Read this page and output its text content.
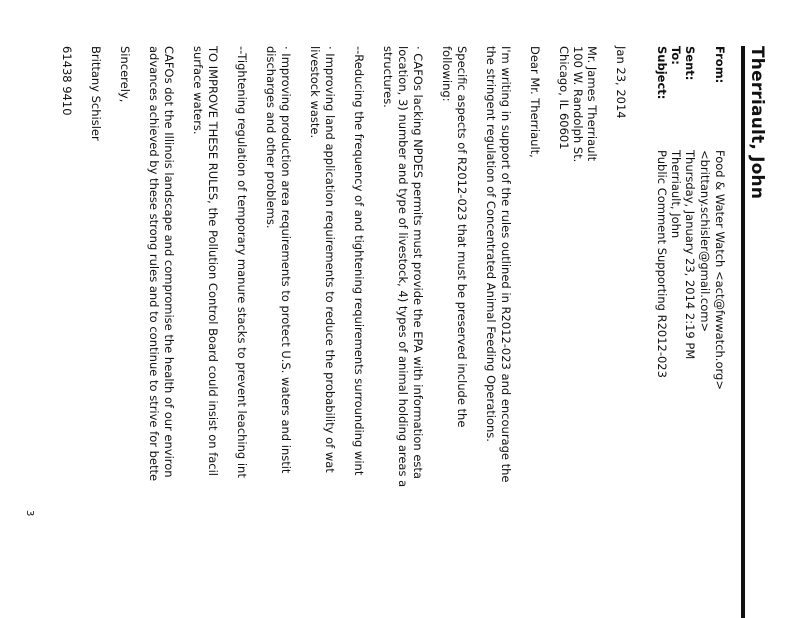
Therriault, John
From:
Food & Water Watch <act@fwwatch.org>
<brittany.schisler@gmail.com>
Sent:
Thursday, January 23, 2014 2:19 PM
To:
Therriault, John
Subject:
Public Comment Supporting R2012-023
Jan 23, 2014
Mr. James Therriault
100 W. Randolph St.
Chicago, IL 60601
Dear Mr. Therriault,
I'm writing in support of the rules outlined in R2012-023 and encourage the
the stringent regulation of Concentrated Animal Feeding Operations.
Specific aspects of R2012-023 that must be preserved include the
following:
· CAFOs lacking NPDES permits must provide the EPA with information esta
location, 3) number and type of livestock, 4) types of animal holding areas a
structures.
--Reducing the frequency of and tightening requirements surrounding wint
· Improving land application requirements to reduce the probability of wat
livestock waste.
· Improving production area requirements to protect U.S. waters and instit
discharges and other problems.
--Tightening regulation of temporary manure stacks to prevent leaching int
TO IMPROVE THESE RULES, the Pollution Control Board could insist on facil
surface waters.
CAFOs dot the Illinois landscape and compromise the health of our environ
advances achieved by these strong rules and to continue to strive for bette
Sincerely,
Brittany Schisler
61438 9410
3
